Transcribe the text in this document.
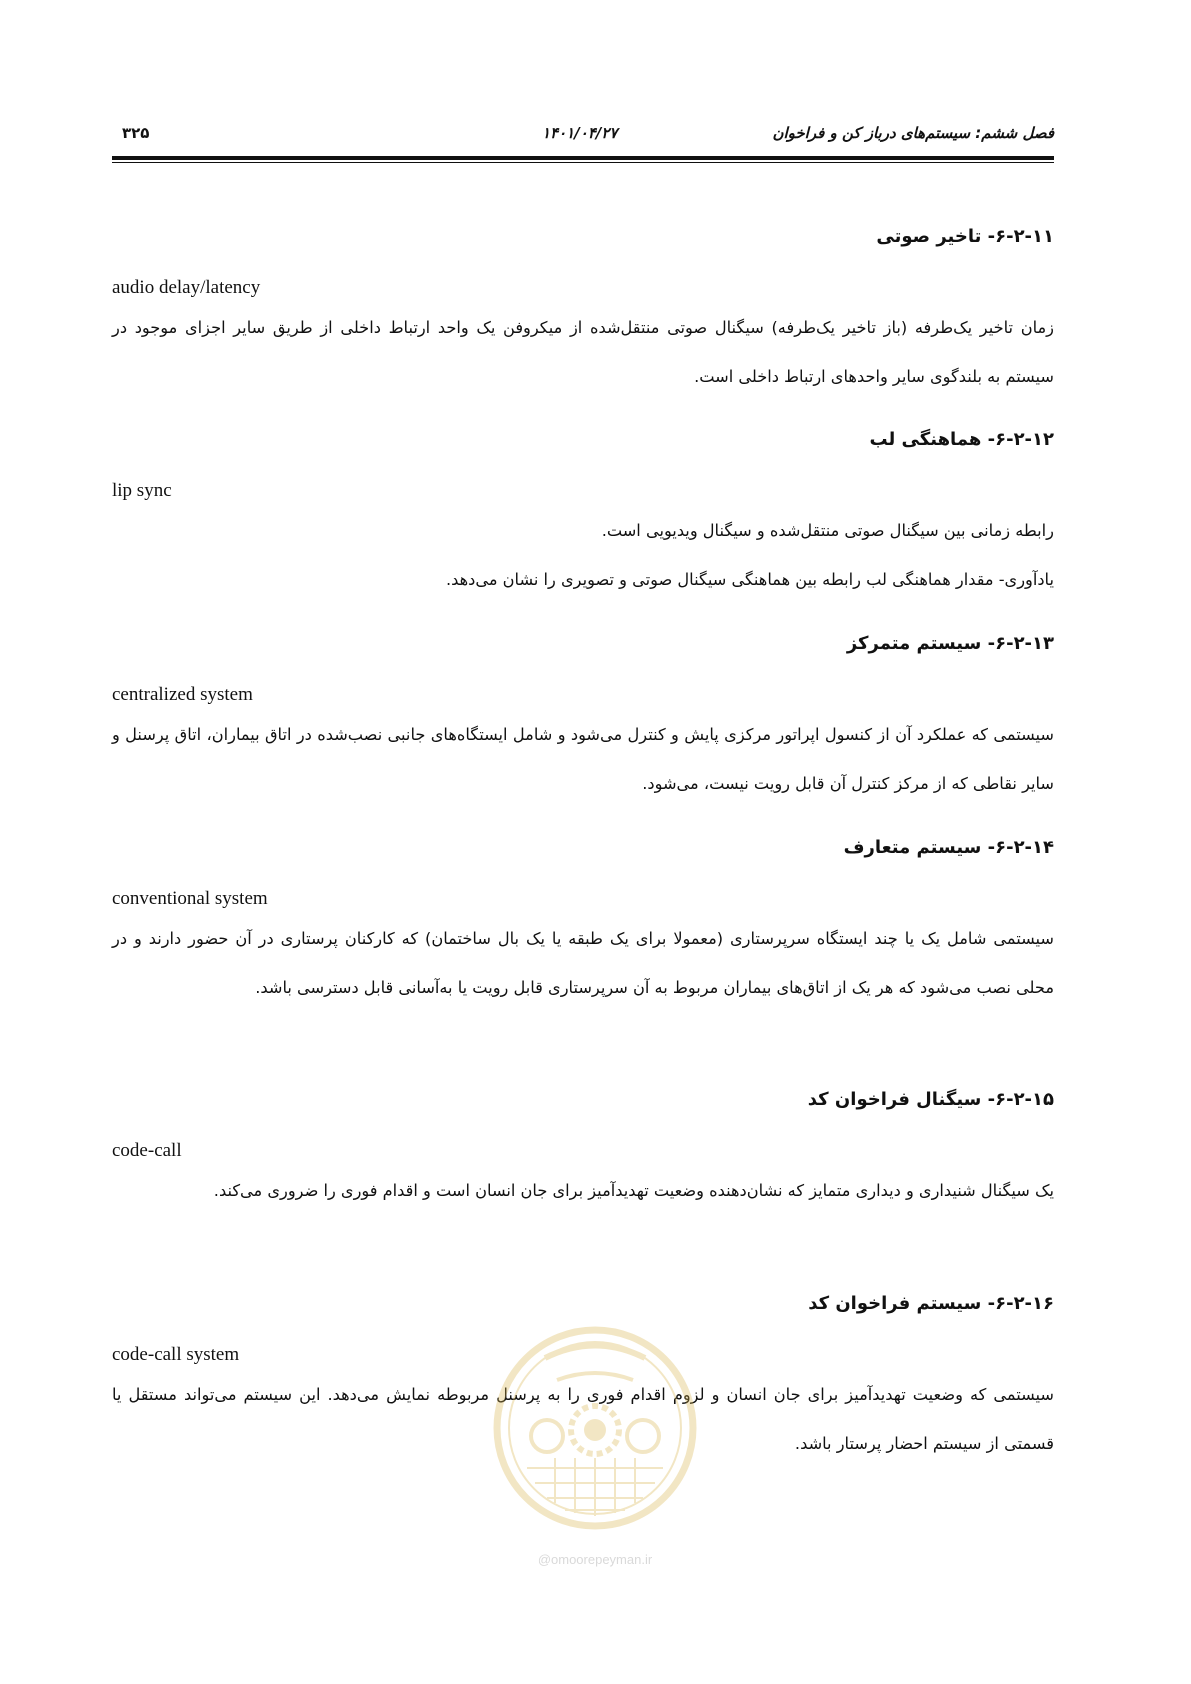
فصل ششم: سیستم‌های درباز کن و فراخوان
۱۴۰۱/۰۴/۲۷
۳۲۵
۶-۲-۱۱- تاخیر صوتی
audio delay/latency

زمان تاخیر یک‌طرفه (باز تاخیر یک‌طرفه) سیگنال صوتی منتقل‌شده از میکروفن یک واحد ارتباط داخلی از طریق سایر اجزای موجود در سیستم به بلندگوی سایر واحدهای ارتباط داخلی است.

۶-۲-۱۲- هماهنگی لب
lip sync

رابطه زمانی بین سیگنال صوتی منتقل‌شده و سیگنال ویدیویی است.

یادآوری- مقدار هماهنگی لب رابطه بین هماهنگی سیگنال صوتی و تصویری را نشان می‌دهد.

۶-۲-۱۳- سیستم متمرکز
centralized system

سیستمی که عملکرد آن از کنسول اپراتور مرکزی پایش و کنترل می‌شود و شامل ایستگاه‌های جانبی نصب‌شده در اتاق بیماران، اتاق پرسنل و سایر نقاطی که از مرکز کنترل آن قابل رویت نیست، می‌شود.

۶-۲-۱۴- سیستم متعارف
conventional system

سیستمی شامل یک یا چند ایستگاه سرپرستاری (معمولا برای یک طبقه یا یک بال ساختمان) که کارکنان پرستاری در آن حضور دارند و در محلی نصب می‌شود که هر یک از اتاق‌های بیماران مربوط به آن سرپرستاری قابل رویت یا به‌آسانی قابل دسترسی باشد.

۶-۲-۱۵- سیگنال فراخوان کد
code-call

یک سیگنال شنیداری و دیداری متمایز که نشان‌دهنده وضعیت تهدیدآمیز برای جان انسان است و اقدام فوری را ضروری می‌کند.

۶-۲-۱۶- سیستم فراخوان کد
code-call system

سیستمی که وضعیت تهدیدآمیز برای جان انسان و لزوم اقدام فوری را به پرسنل مربوطه نمایش می‌دهد. این سیستم می‌تواند مستقل یا قسمتی از سیستم احضار پرستار باشد.

@omoorepeyman.ir
